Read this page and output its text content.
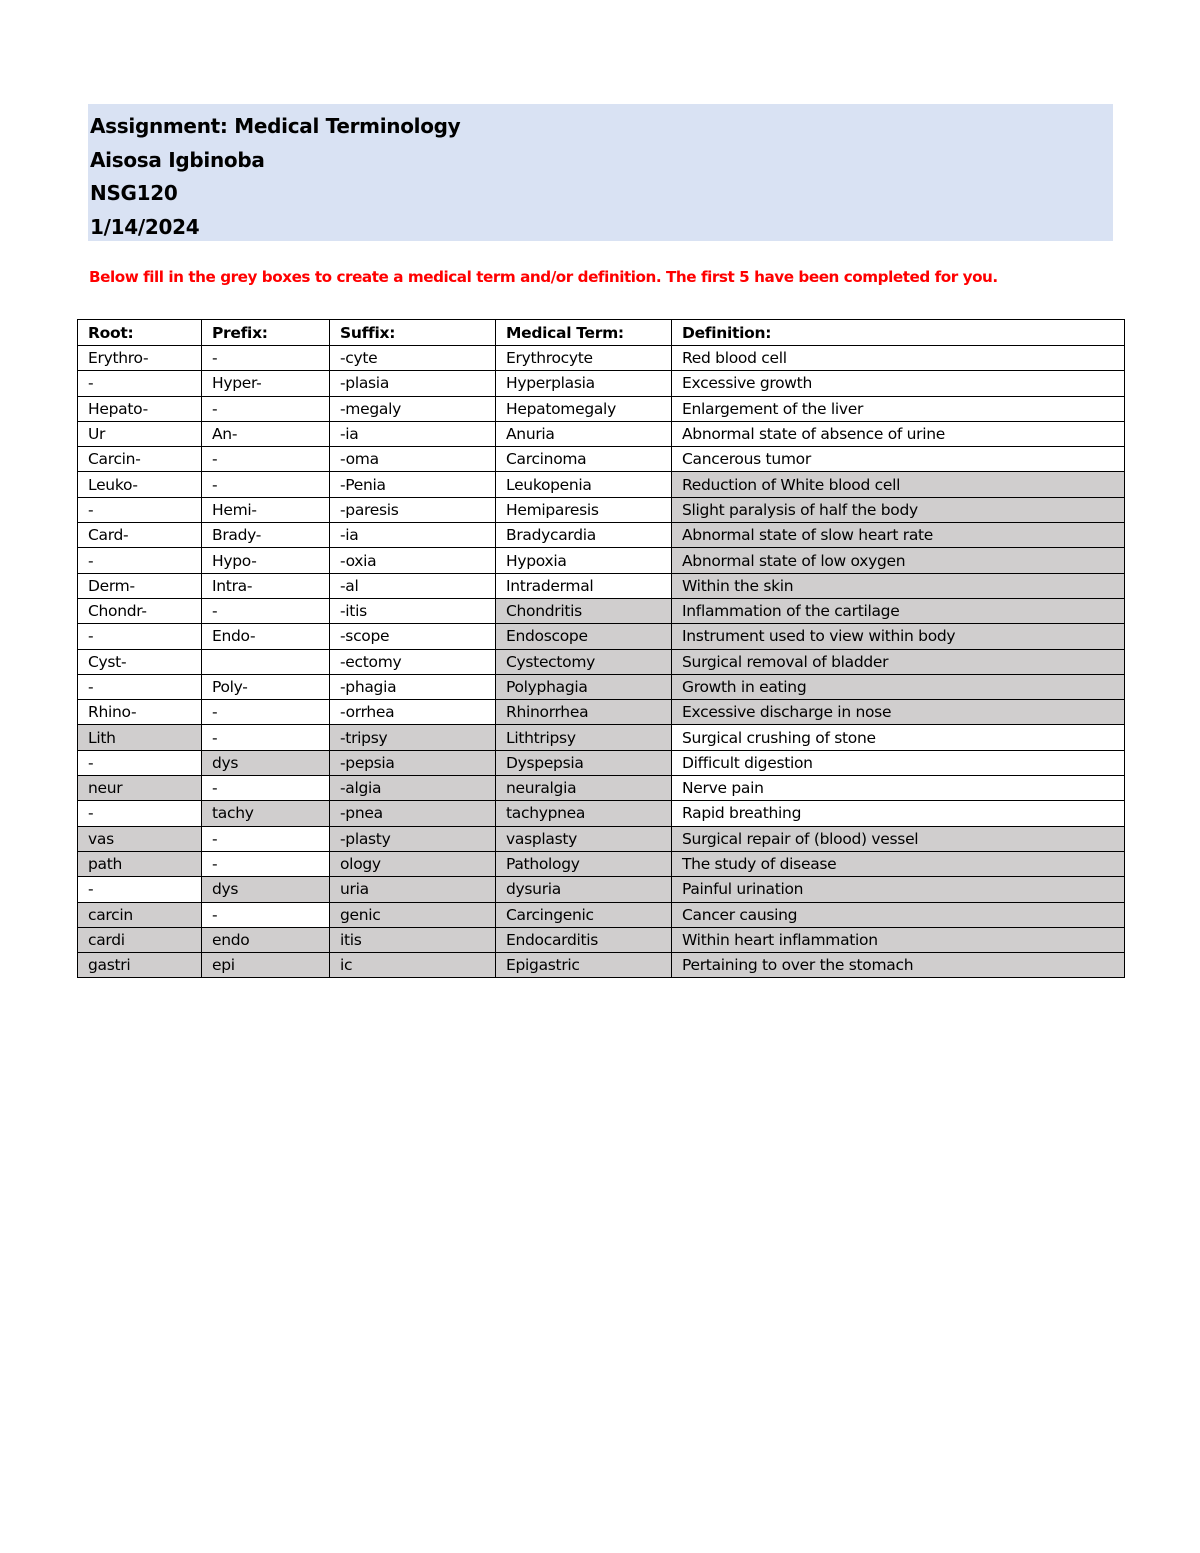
Assignment: Medical Terminology
Aisosa Igbinoba
NSG120
1/14/2024
Below fill in the grey boxes to create a medical term and/or definition. The first 5 have been completed for you.
Root:	Prefix:	Suffix:	Medical Term:	Definition:
Erythro-	-	-cyte	Erythrocyte	Red blood cell
-	Hyper-	-plasia	Hyperplasia	Excessive growth
Hepato-	-	-megaly	Hepatomegaly	Enlargement of the liver
Ur	An-	-ia	Anuria	Abnormal state of absence of urine
Carcin-	-	-oma	Carcinoma	Cancerous tumor
Leuko-	-	-Penia	Leukopenia	Reduction of White blood cell
-	Hemi-	-paresis	Hemiparesis	Slight paralysis of half the body
Card-	Brady-	-ia	Bradycardia	Abnormal state of slow heart rate
-	Hypo-	-oxia	Hypoxia	Abnormal state of low oxygen
Derm-	Intra-	-al	Intradermal	Within the skin
Chondr-	-	-itis	Chondritis	Inflammation of the cartilage
-	Endo-	-scope	Endoscope	Instrument used to view within body
Cyst-		-ectomy	Cystectomy	Surgical removal of bladder
-	Poly-	-phagia	Polyphagia	Growth in eating
Rhino-	-	-orrhea	Rhinorrhea	Excessive discharge in nose
Lith	-	-tripsy	Lithtripsy	Surgical crushing of stone
-	dys	-pepsia	Dyspepsia	Difficult digestion
neur	-	-algia	neuralgia	Nerve pain
-	tachy	-pnea	tachypnea	Rapid breathing
vas	-	-plasty	vasplasty	Surgical repair of (blood) vessel
path	-	ology	Pathology	The study of disease
-	dys	uria	dysuria	Painful urination
carcin	-	genic	Carcingenic	Cancer causing
cardi	endo	itis	Endocarditis	Within heart inflammation
gastri	epi	ic	Epigastric	Pertaining to over the stomach
